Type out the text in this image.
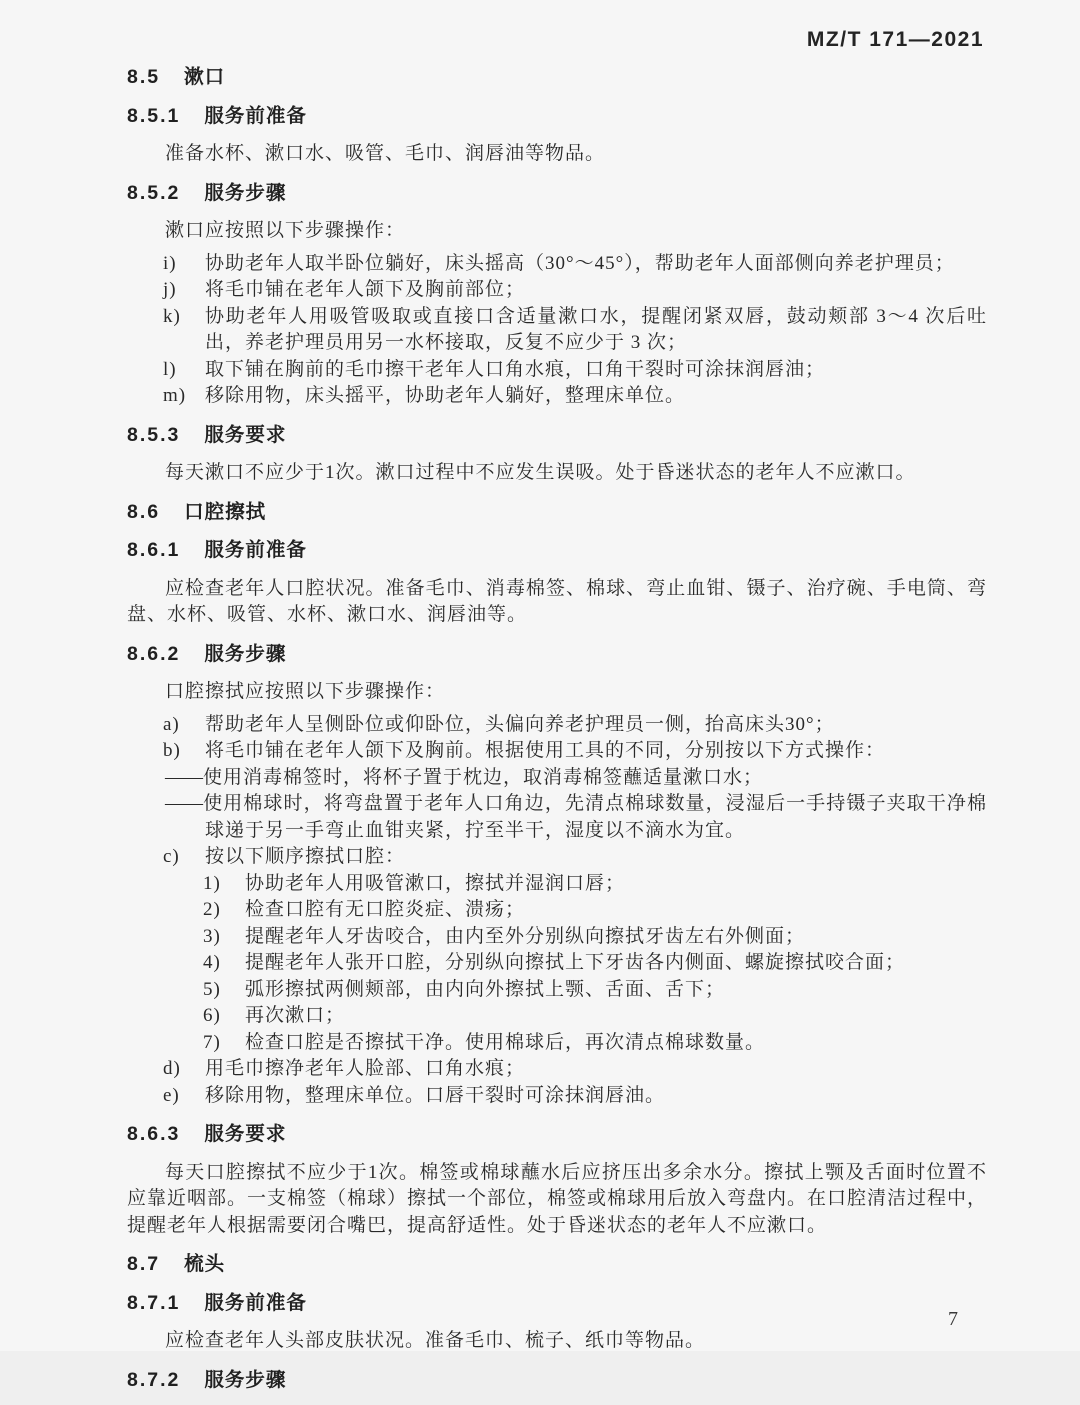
MZ/T 171—2021
8.5 漱口
8.5.1 服务前准备

准备水杯、漱口水、吸管、毛巾、润唇油等物品。

8.5.2 服务步骤

漱口应按照以下步骤操作：

i)	协助老年人取半卧位躺好，床头摇高（30°～45°），帮助老年人面部侧向养老护理员；
j)	将毛巾铺在老年人颌下及胸前部位；
k)	协助老年人用吸管吸取或直接口含适量漱口水，提醒闭紧双唇，鼓动颊部 3～4 次后吐出，养老护理员用另一水杯接取，反复不应少于 3 次；
l)	取下铺在胸前的毛巾擦干老年人口角水痕，口角干裂时可涂抹润唇油；
m) 移除用物，床头摇平，协助老年人躺好，整理床单位。
8.5.3 服务要求

每天漱口不应少于1次。漱口过程中不应发生误吸。处于昏迷状态的老年人不应漱口。

8.6 口腔擦拭
8.6.1 服务前准备

应检查老年人口腔状况。准备毛巾、消毒棉签、棉球、弯止血钳、镊子、治疗碗、手电筒、弯盘、水杯、吸管、水杯、漱口水、润唇油等。

8.6.2 服务步骤

口腔擦拭应按照以下步骤操作：

a)	帮助老年人呈侧卧位或仰卧位，头偏向养老护理员一侧，抬高床头30°；
b)	将毛巾铺在老年人颌下及胸前。根据使用工具的不同，分别按以下方式操作：
——使用消毒棉签时，将杯子置于枕边，取消毒棉签蘸适量漱口水；
——使用棉球时，将弯盘置于老年人口角边，先清点棉球数量，浸湿后一手持镊子夹取干净棉球递于另一手弯止血钳夹紧，拧至半干，湿度以不滴水为宜。
c)	按以下顺序擦拭口腔：
1)	协助老年人用吸管漱口，擦拭并湿润口唇；
2)	检查口腔有无口腔炎症、溃疡；
3)	提醒老年人牙齿咬合，由内至外分别纵向擦拭牙齿左右外侧面；
4)	提醒老年人张开口腔，分别纵向擦拭上下牙齿各内侧面、螺旋擦拭咬合面；
5)	弧形擦拭两侧颊部，由内向外擦拭上颚、舌面、舌下；
6)	再次漱口；
7)	检查口腔是否擦拭干净。使用棉球后，再次清点棉球数量。
d)	用毛巾擦净老年人脸部、口角水痕；
e)	移除用物，整理床单位。口唇干裂时可涂抹润唇油。
8.6.3 服务要求

每天口腔擦拭不应少于1次。棉签或棉球蘸水后应挤压出多余水分。擦拭上颚及舌面时位置不应靠近咽部。一支棉签（棉球）擦拭一个部位，棉签或棉球用后放入弯盘内。在口腔清洁过程中，提醒老年人根据需要闭合嘴巴，提高舒适性。处于昏迷状态的老年人不应漱口。

8.7 梳头
8.7.1 服务前准备

应检查老年人头部皮肤状况。准备毛巾、梳子、纸巾等物品。

8.7.2 服务步骤
7
